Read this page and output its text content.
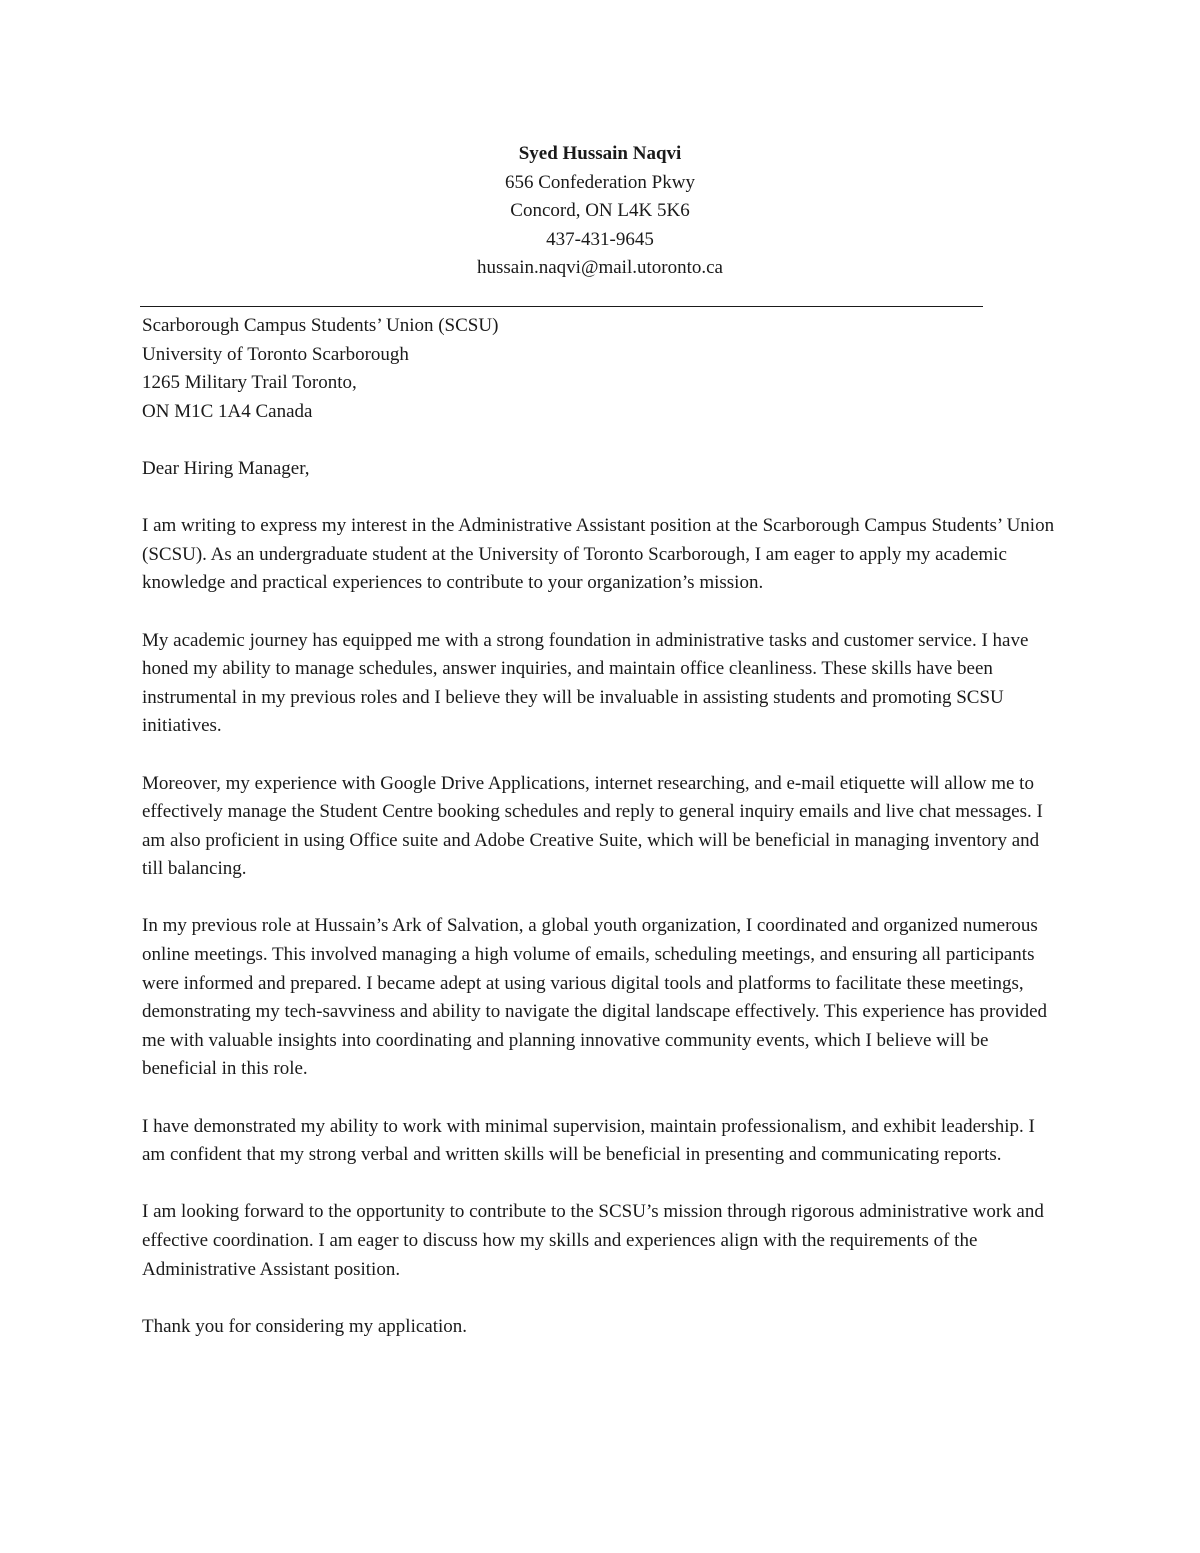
Syed Hussain Naqvi
656 Confederation Pkwy
Concord, ON L4K 5K6
437-431-9645
hussain.naqvi@mail.utoronto.ca

Scarborough Campus Students’ Union (SCSU)
University of Toronto Scarborough
1265 Military Trail Toronto,
ON M1C 1A4 Canada

Dear Hiring Manager,

I am writing to express my interest in the Administrative Assistant position at the Scarborough Campus Students’ Union (SCSU). As an undergraduate student at the University of Toronto Scarborough, I am eager to apply my academic knowledge and practical experiences to contribute to your organization’s mission.

My academic journey has equipped me with a strong foundation in administrative tasks and customer service. I have honed my ability to manage schedules, answer inquiries, and maintain office cleanliness. These skills have been instrumental in my previous roles and I believe they will be invaluable in assisting students and promoting SCSU initiatives.

Moreover, my experience with Google Drive Applications, internet researching, and e-mail etiquette will allow me to effectively manage the Student Centre booking schedules and reply to general inquiry emails and live chat messages. I am also proficient in using Office suite and Adobe Creative Suite, which will be beneficial in managing inventory and till balancing.

In my previous role at Hussain’s Ark of Salvation, a global youth organization, I coordinated and organized numerous online meetings. This involved managing a high volume of emails, scheduling meetings, and ensuring all participants were informed and prepared. I became adept at using various digital tools and platforms to facilitate these meetings, demonstrating my tech-savviness and ability to navigate the digital landscape effectively. This experience has provided me with valuable insights into coordinating and planning innovative community events, which I believe will be beneficial in this role.

I have demonstrated my ability to work with minimal supervision, maintain professionalism, and exhibit leadership. I am confident that my strong verbal and written skills will be beneficial in presenting and communicating reports.

I am looking forward to the opportunity to contribute to the SCSU’s mission through rigorous administrative work and effective coordination. I am eager to discuss how my skills and experiences align with the requirements of the Administrative Assistant position.

Thank you for considering my application.
